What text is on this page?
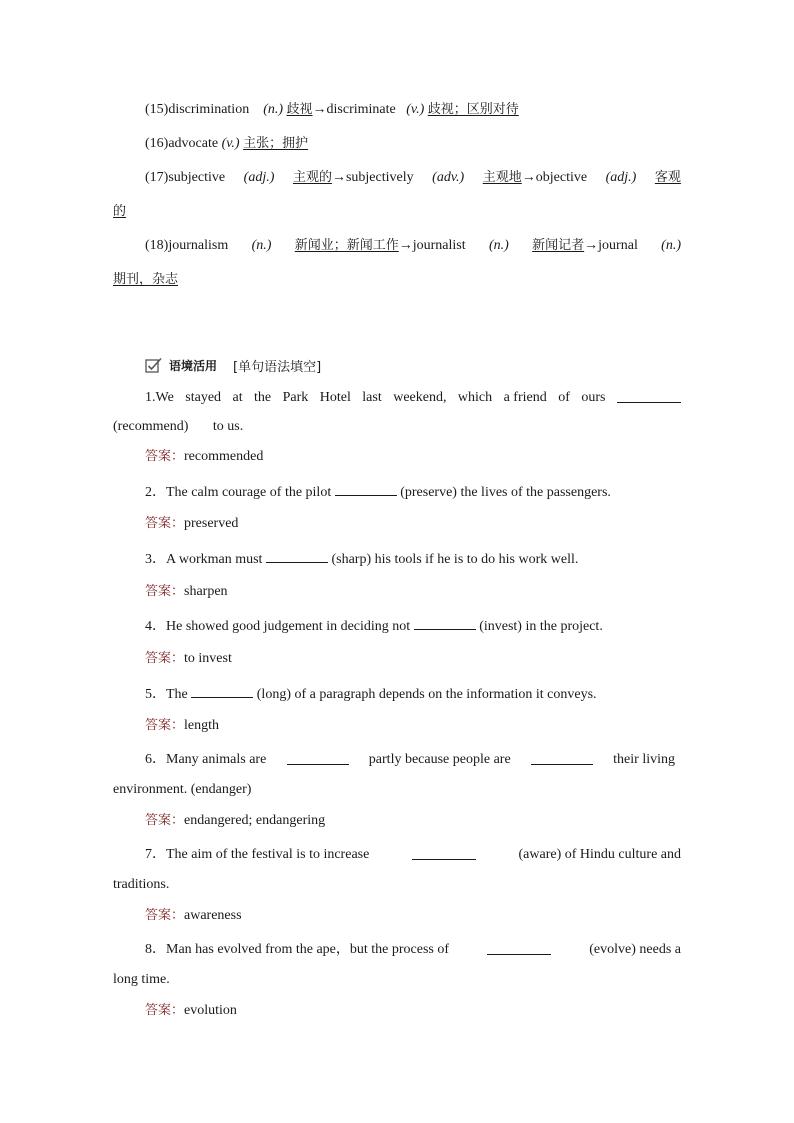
(15)discrimination (n.) 歧视→discriminate (v.) 歧视；区别对待
(16)advocate (v.) 主张；拥护
(17)subjective (adj.) 主观的→subjectively (adv.) 主观地→objective (adj.) 客观
的
(18)journalism (n.) 新闻业；新闻工作→journalist (n.) 新闻记者→journal (n.)
期刊，杂志
语境活用 [单句语法填空]
1.We stayed at the Park Hotel last weekend, which a friend of ours
(recommend) to us.
答案：recommended
2．The calm courage of the pilot	(preserve) the lives of the passengers.
答案：preserved
3．A workman must	(sharp) his tools if he is to do his work well.
答案：sharpen
4．He showed good judgement in deciding not	(invest) in the project.
答案：to invest
5．The	(long) of a paragraph depends on the information it conveys.
答案：length
6．Many animals are	partly because people are	their living
environment. (endanger)
答案：endangered; endangering
7．The aim of the festival is to increase	(aware) of Hindu culture and
traditions.
答案：awareness
8．Man has evolved from the ape，but the process of	(evolve) needs a
long time.
答案：evolution
